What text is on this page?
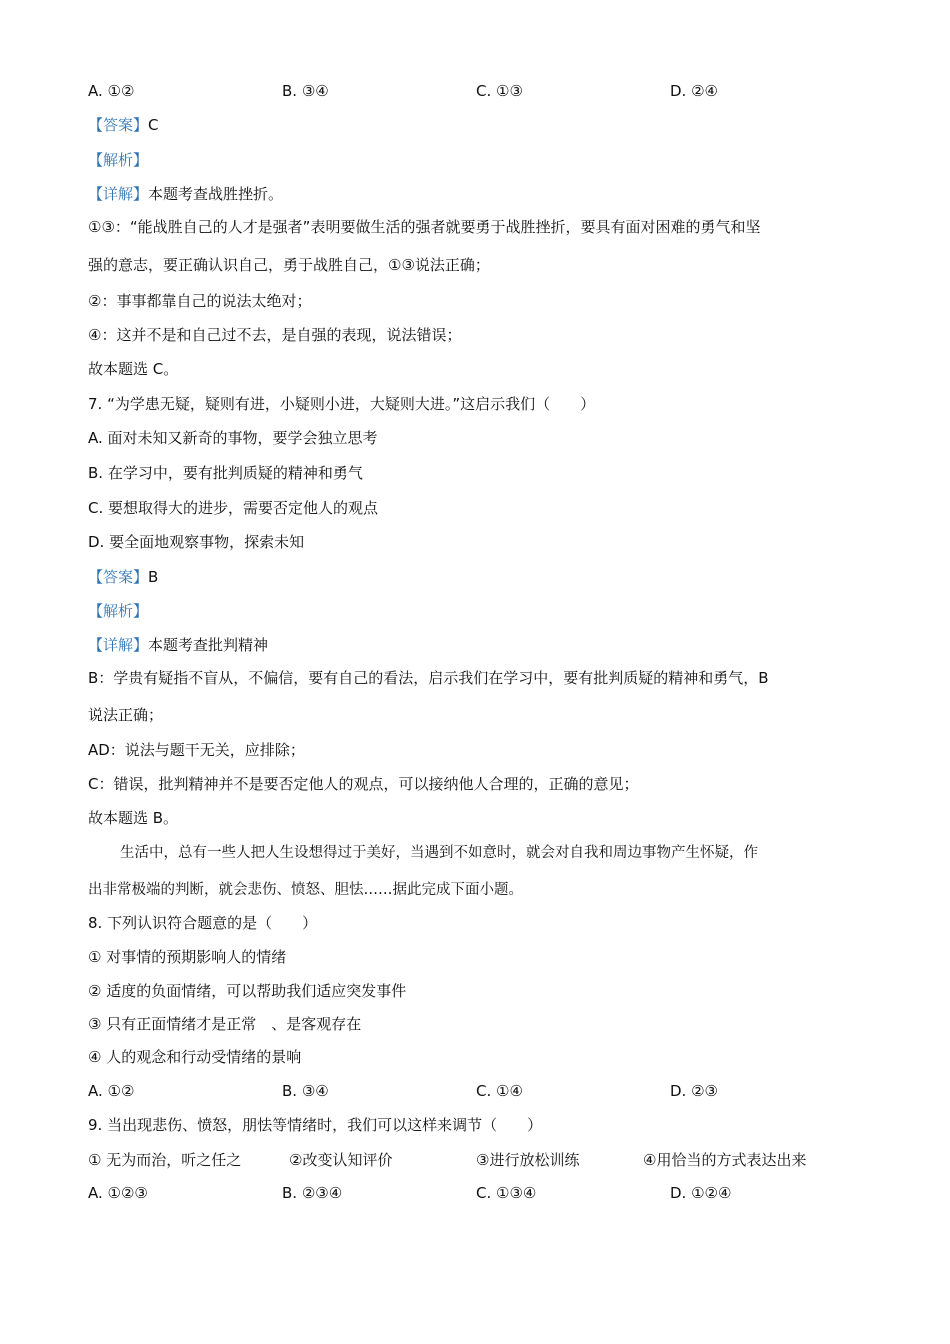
A. ①②	B. ③④	C. ①③	D. ②④
【答案】C
【解析】
【详解】本题考查战胜挫折。
①③：“能战胜自己的人才是强者”表明要做生活的强者就要勇于战胜挫折，要具有面对困难的勇气和坚
强的意志，要正确认识自己，勇于战胜自己，①③说法正确；
②：事事都靠自己的说法太绝对；
④：这并不是和自己过不去，是自强的表现，说法错误；
故本题选 C。
7. “为学患无疑，疑则有进，小疑则小进，大疑则大进。”这启示我们（　　）
A. 面对未知又新奇的事物，要学会独立思考
B. 在学习中，要有批判质疑的精神和勇气
C. 要想取得大的进步，需要否定他人的观点
D. 要全面地观察事物，探索未知
【答案】B
【解析】
【详解】本题考查批判精神
B：学贵有疑指不盲从，不偏信，要有自己的看法，启示我们在学习中，要有批判质疑的精神和勇气，B
说法正确；
AD：说法与题干无关，应排除；
C：错误，批判精神并不是要否定他人的观点，可以接纳他人合理的，正确的意见；
故本题选 B。
生活中，总有一些人把人生设想得过于美好，当遇到不如意时，就会对自我和周边事物产生怀疑，作
出非常极端的判断，就会悲伤、愤怒、胆怯……据此完成下面小题。
8. 下列认识符合题意的是（　　）
① 对事情的预期影响人的情绪
② 适度的负面情绪，可以帮助我们适应突发事件
③ 只有正面情绪才是正常　、是客观存在
④ 人的观念和行动受情绪的景响
A. ①②	B. ③④	C. ①④	D. ②③
9. 当出现悲伤、愤怒，朋怯等情绪时，我们可以这样来调节（　　）
① 无为而治，听之任之	②改变认知评价	③进行放松训练	④用恰当的方式表达出来
A. ①②③	B. ②③④	C. ①③④	D. ①②④
